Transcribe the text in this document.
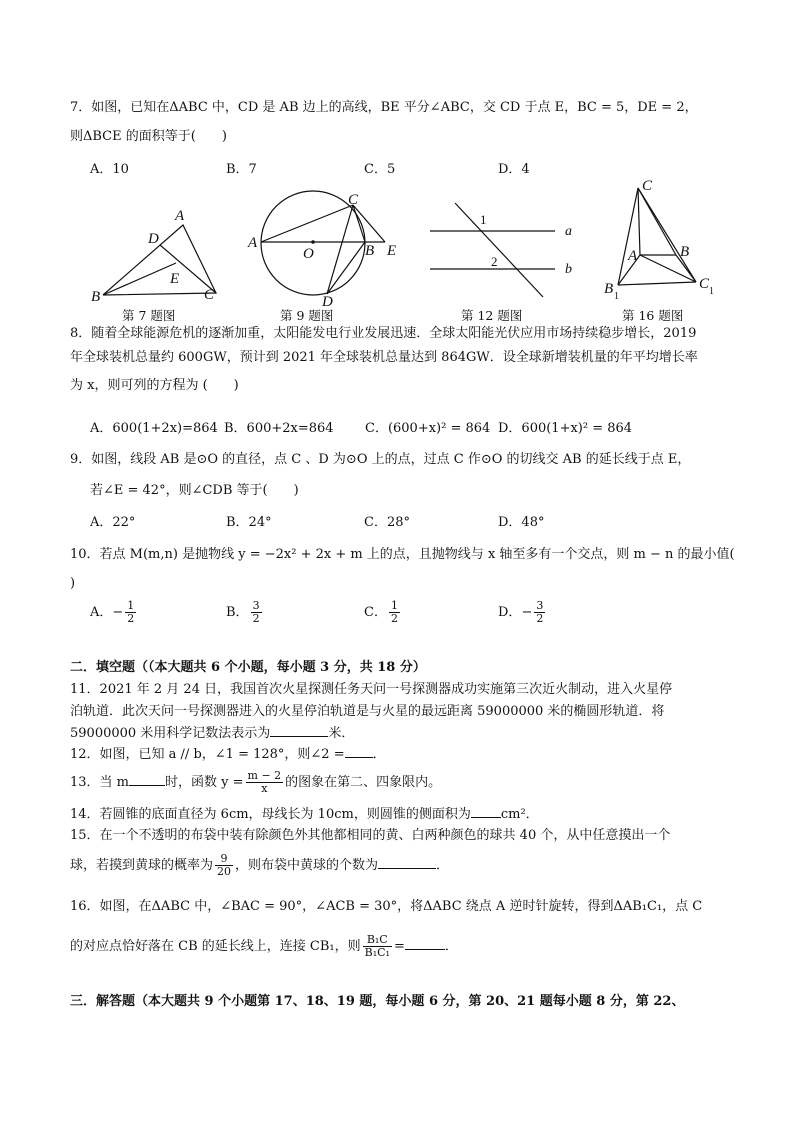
7．如图，已知在ΔABC 中，CD 是 AB 边上的高线，BE 平分∠ABC，交 CD 于点 E，BC = 5，DE = 2，
则ΔBCE 的面积等于(　　)
A．10	B．7	C．5	D．4
A
D
E
B	C
第 7 题图
A
O
C
B E
D
第 9 题图
1
2
a
b
第 12 题图
C
A	B
B 1
C 1
第 16 题图
8．随着全球能源危机的逐渐加重，太阳能发电行业发展迅速．全球太阳能光伏应用市场持续稳步增长，2019
年全球装机总量约 600GW，预计到 2021 年全球装机总量达到 864GW．设全球新增装机量的年平均增长率
为 x，则可列的方程为 (　　)
A．600(1+2x)=864 B．600+2x=864 C．(600+x)² = 864 D．600(1+x)² = 864
9．如图，线段 AB 是⊙O 的直径，点 C 、D 为⊙O 上的点，过点 C 作⊙O 的切线交 AB 的延长线于点 E，
若∠E = 42°，则∠CDB 等于(　　)
A．22°	B．24°	C．28°	D．48°
10．若点 M(m,n) 是抛物线 y = −2x² + 2x + m 上的点，且抛物线与 x 轴至多有一个交点，则 m − n 的最小值(
)
A．− $\frac{1}{2}$	B． $\frac{3}{2}$	C． $\frac{1}{2}$	D．− $\frac{3}{2}$
二．填空题（（本大题共 6 个小题，每小题 3 分，共 18 分）
11．2021 年 2 月 24 日，我国首次火星探测任务天问一号探测器成功实施第三次近火制动，进入火星停
泊轨道．此次天问一号探测器进入的火星停泊轨道是与火星的最远距离 59000000 米的椭圆形轨道．将
59000000 米用科学记数法表示为	米．
12．如图，已知 a // b，∠1 = 128°，则∠2 = ．
13．当 m	时，函数 $y = \frac{m - 2}{x}$ 的图象在第二、四象限内。
14．若圆锥的底面直径为 6cm，母线长为 10cm，则圆锥的侧面积为 cm²．
15．在一个不透明的布袋中装有除颜色外其他都相同的黄、白两种颜色的球共 40 个，从中任意摸出一个
球，若摸到黄球的概率为 $\frac{9}{20}$ ，则布袋中黄球的个数为	．
16．如图，在ΔABC 中，∠BAC = 90°，∠ACB = 30°，将ΔABC 绕点 A 逆时针旋转，得到ΔAB₁C₁，点 C
的对应点恰好落在 CB 的延长线上，连接 CB₁，则 $\frac{\text{B₁C}}{\text{B₁C₁}}$ =	．
三．解答题（本大题共 9 个小题第 17、18、19 题，每小题 6 分，第 20、21 题每小题 8 分，第 22、
